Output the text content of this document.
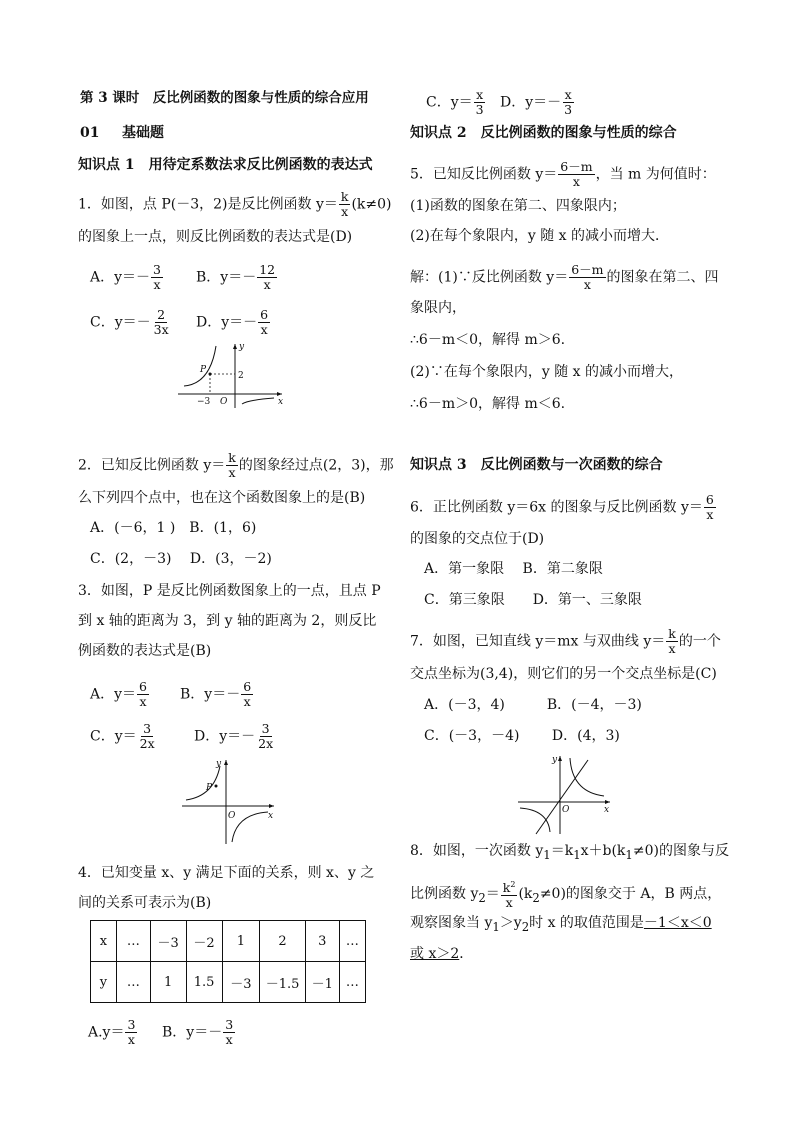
第 3 课时　反比例函数的图象与性质的综合应用
01 基础题
知识点 1　用待定系数法求反比例函数的表达式
1．如图，点 P(－3，2)是反比例函数 $y= \frac{k}{x} (k\ne 0)$
的图象上一点，则反比例函数的表达式是(D)
A．$y=- \frac{3}{x}$ B．$y=- \frac{12}{x}$
C．$y=- \frac{2}{3x}$ D．$y=- \frac{6}{x}$
y
x
O
P
−3
2
2．已知反比例函数 $y= \frac{k}{x}$ 的图象经过点(2，3)，那
么下列四个点中，也在这个函数图象上的是(B)
A．(－6，1 )　B．(1，6)
C．(2，－3)　 D．(3，－2)
3．如图，P 是反比例函数图象上的一点，且点 P
到 x 轴的距离为 3，到 y 轴的距离为 2，则反比
例函数的表达式是(B)
A．$y= \frac{6}{x}$ B．$y=- \frac{6}{x}$
C．$y= \frac{3}{2x}$	D．$y=- \frac{3}{2x}$
y
x
O
P
4．已知变量 x、y 满足下面的关系，则 x、y 之
间的关系可表示为(B)
x	…	－3	－2	1	2	3	…
y	…	1	1.5	－3	－1.5	－1	…
$A.y= \frac{3}{x}$ B．$y=- \frac{3}{x}$
C．$y= \frac{x}{3}$ D．$y=- \frac{x}{3}$
知识点 2　反比例函数的图象与性质的综合
5．已知反比例函数 $y= \frac{6-m}{x}$ ，当 m 为何值时：
(1)函数的图象在第二、四象限内；
(2)在每个象限内，y 随 x 的减小而增大．
解：(1)∵反比例函数 $y= \frac{6-m}{x}$ 的图象在第二、四
象限内，
∴6－m＜0，解得 m＞6.
(2)∵在每个象限内，y 随 x 的减小而增大，
∴6－m＞0，解得 m＜6.
知识点 3　反比例函数与一次函数的综合
6．正比例函数 y＝6x 的图象与反比例函数 $y= \frac{6}{x}$
的图象的交点位于(D)
A．第一象限　 B．第二象限
C．第三象限　　D．第一、三象限
7．如图，已知直线 y＝mx 与双曲线 $y= \frac{k}{x}$ 的一个
交点坐标为(3,4)，则它们的另一个交点坐标是(C)
A．(－3，4)　　　B．(－4，－3)
C．(－3，－4)　　 D．(4，3)
y
x
O
8．如图，一次函数 $y_1=k_1x+b(k_1\ne 0)$的图象与反
比例函数 $y_2= \frac{k^2}{x} (k_2\ne 0)$的图象交于 A，B 两点，
观察图象当 $y_1>y_2$时 x 的取值范围是－1＜x＜0
或 x＞2．
